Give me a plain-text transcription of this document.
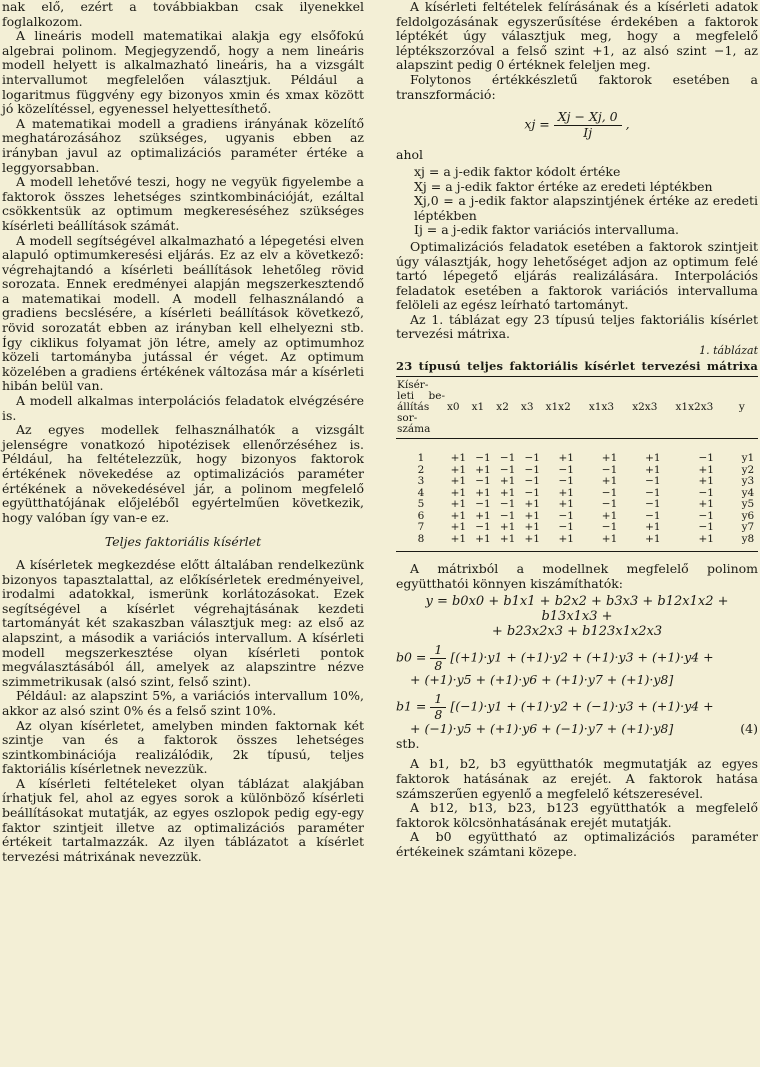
nak elő, ezért a továbbiakban csak ilyenekkel foglalkozom.

A lineáris modell matematikai alakja egy elsőfokú algebrai polinom. Megjegyzendő, hogy a nem lineáris modell helyett is alkalmazható lineáris, ha a vizsgált intervallumot megfelelően választjuk. Például a logaritmus függvény egy bizonyos xmin és xmax között jó közelítéssel, egyenessel helyettesíthető.

A matematikai modell a gradiens irányának közelítő meghatározásához szükséges, ugyanis ebben az irányban javul az optimalizációs paraméter értéke a leggyorsabban.

A modell lehetővé teszi, hogy ne vegyük figyelembe a faktorok összes lehetséges szintkombinációját, ezáltal csökkentsük az optimum megkereséséhez szükséges kísérleti beállítások számát.

A modell segítségével alkalmazható a lépegetési elven alapuló optimumkeresési eljárás. Ez az elv a következő: végrehajtandó a kísérleti beállítások lehetőleg rövid sorozata. Ennek eredményei alapján megszerkesztendő a matematikai modell. A modell felhasználandó a gradiens becslésére, a kísérleti beállítások következő, rövid sorozatát ebben az irányban kell elhelyezni stb. Így ciklikus folyamat jön létre, amely az optimumhoz közeli tartományba jutással ér véget. Az optimum közelében a gradiens értékének változása már a kísérleti hibán belül van.

A modell alkalmas interpolációs feladatok elvégzésére is.

Az egyes modellek felhasználhatók a vizsgált jelenségre vonatkozó hipotézisek ellenőrzéséhez is. Például, ha feltételezzük, hogy bizonyos faktorok értékének növekedése az optimalizációs paraméter értékének a növekedésével jár, a polinom megfelelő együtthatójának előjeléből egyértelműen következik, hogy valóban így van-e ez.

Teljes faktoriális kísérlet

A kísérletek megkezdése előtt általában rendelkezünk bizonyos tapasztalattal, az előkísérletek eredményeivel, irodalmi adatokkal, ismerünk korlátozásokat. Ezek segítségével a kísérlet végrehajtásának kezdeti tartományát két szakaszban választjuk meg: az első az alapszint, a második a variációs intervallum. A kísérleti modell megszerkesztése olyan kísérleti pontok megválasztásából áll, amelyek az alapszintre nézve szimmetrikusak (alsó szint, felső szint).

Például: az alapszint 5%, a variációs intervallum 10%, akkor az alsó szint 0% és a felső szint 10%.

Az olyan kísérletet, amelyben minden faktornak két szintje van és a faktorok összes lehetséges szintkombinációja realizálódik, 2k típusú, teljes faktoriális kísérletnek nevezzük.

A kísérleti feltételeket olyan táblázat alakjában írhatjuk fel, ahol az egyes sorok a különböző kísérleti beállításokat mutatják, az egyes oszlopok pedig egy-egy faktor szintjeit illetve az optimalizációs paraméter értékeit tartalmazzák. Az ilyen táblázatot a kísérlet tervezési mátrixának nevezzük.

A kísérleti feltételek felírásának és a kísérleti adatok feldolgozásának egyszerűsítése érdekében a faktorok léptékét úgy választjuk meg, hogy a megfelelő léptékszorzóval a felső szint +1, az alsó szint −1, az alapszint pedig 0 értéknek feleljen meg.

Folytonos értékkészletű faktorok esetében a transzformáció:

xj = $\frac{Xj - Xj, 0}{Ij}$ ,

ahol

xj = a j-edik faktor kódolt értéke

Xj = a j-edik faktor értéke az eredeti léptékben

Xj,0 = a j-edik faktor alapszintjének értéke az eredeti léptékben

Ij = a j-edik faktor variációs intervalluma.

Optimalizációs feladatok esetében a faktorok szintjeit úgy választják, hogy lehetőséget adjon az optimum felé tartó lépegető eljárás realizálására. Interpolációs feladatok esetében a faktorok variációs intervalluma felöleli az egész leírható tartományt.

Az 1. táblázat egy 23 típusú teljes faktoriális kísérlet tervezési mátrixa.

1. táblázat
23 típusú teljes faktoriális kísérlet tervezési mátrixa
Kísér-leti be-állítás sor-száma	x0	x1	x2	x3	x1x2	x1x3	x2x3	x1x2x3	y
1	+1	−1	−1	−1	+1	+1	+1	−1	y1
2	+1	+1	−1	−1	−1	−1	+1	+1	y2
3	+1	−1	+1	−1	−1	+1	−1	+1	y3
4	+1	+1	+1	−1	+1	−1	−1	−1	y4
5	+1	−1	−1	+1	+1	−1	−1	+1	y5
6	+1	+1	−1	+1	−1	+1	−1	−1	y6
7	+1	−1	+1	+1	−1	−1	+1	−1	y7
8	+1	+1	+1	+1	+1	+1	+1	+1	y8

A mátrixból a modellnek megfelelő polinom együtthatói könnyen kiszámíthatók:

y = b0x0 + b1x1 + b2x2 + b3x3 + b12x1x2 + b13x1x3 +
+ b23x2x3 + b123x1x2x3
$b0 = \frac{1}{8} [(+1)\cdot y1 + (+1)\cdot y2 + (+1)\cdot y3 + (+1)\cdot y4$ +
+ (+1)·y5 + (+1)·y6 + (+1)·y7 + (+1)·y8]
$b1 = \frac{1}{8} [(-1)\cdot y1 + (+1)\cdot y2 + (-1)\cdot y3 + (+1)\cdot y4$ +
+ (−1)·y5 + (+1)·y6 + (−1)·y7 + (+1)·y8]	(4)

stb.

A b1, b2, b3 együtthatók megmutatják az egyes faktorok hatásának az erejét. A faktorok hatása számszerűen egyenlő a megfelelő kétszeresével.

A b12, b13, b23, b123 együtthatók a megfelelő faktorok kölcsönhatásának erejét mutatják.

A b0 együttható az optimalizációs paraméter értékeinek számtani közepe.
